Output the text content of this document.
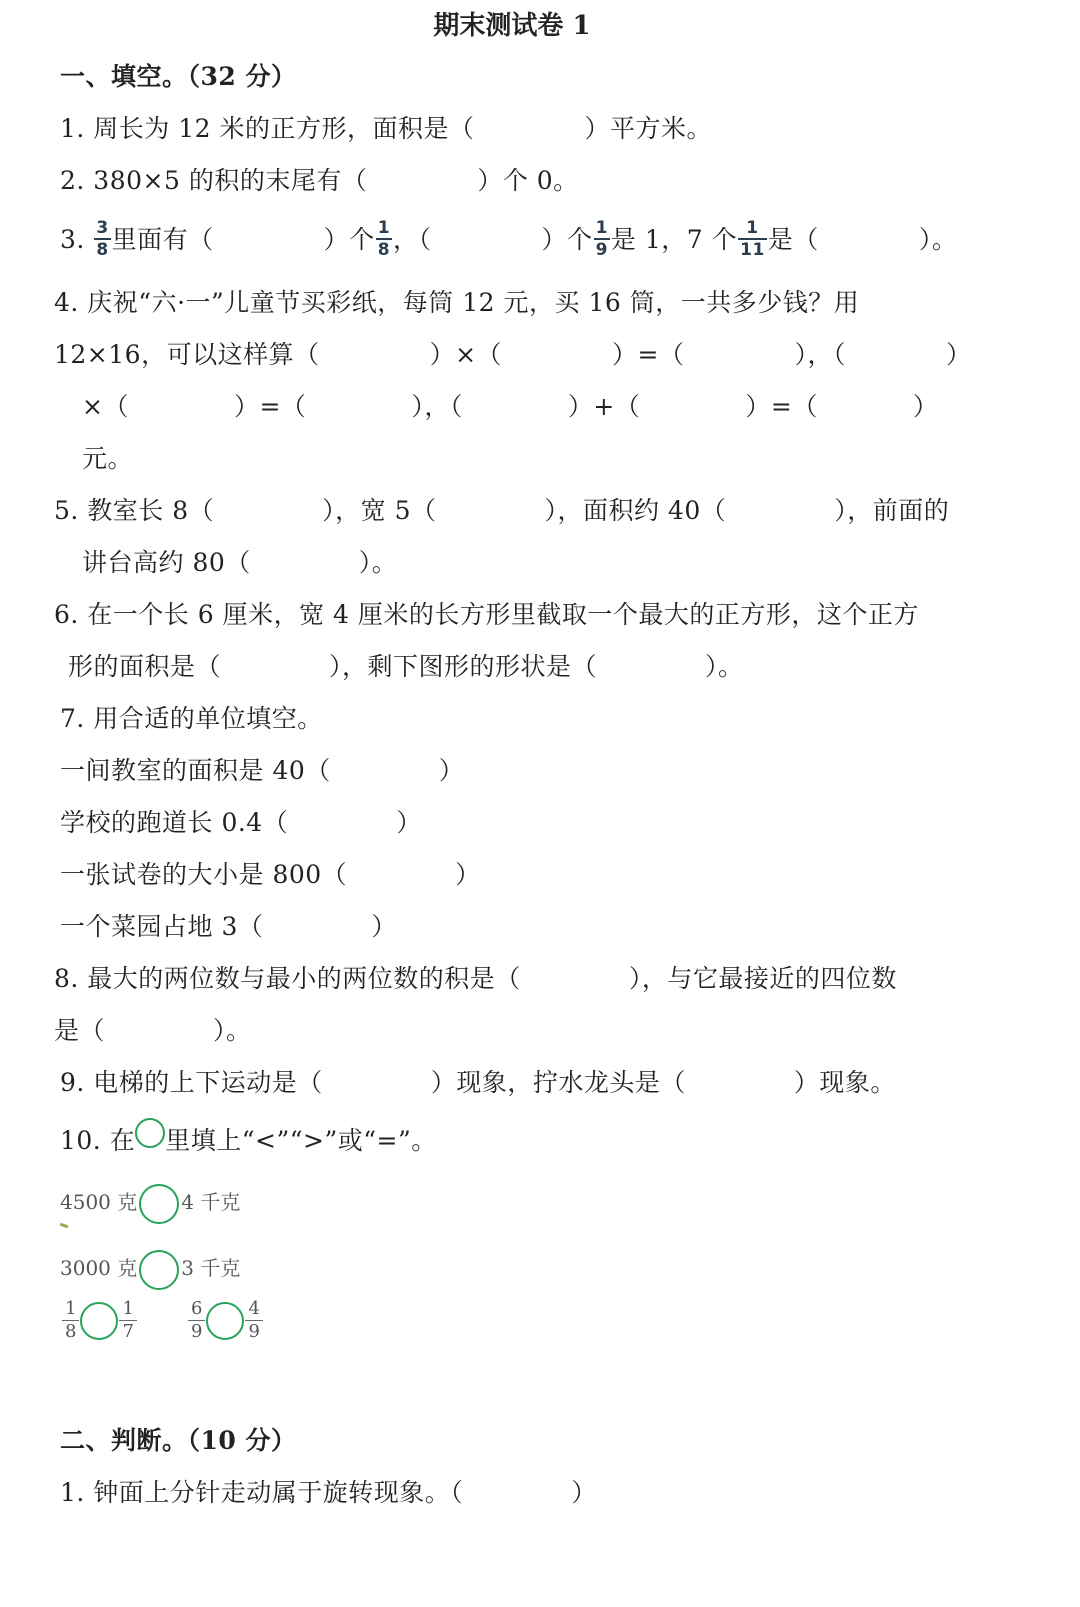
期末测试卷 1
一、填空。（32 分）
1. 周长为 12 米的正方形，面积是（	）平方米。
2. 380×5 的积的末尾有（	）个 0。
3. $\frac{3}{8}$ 里面有（	）个 $\frac{1}{8}$ ，（	）个 $\frac{1}{9}$ 是 1，7 个 $\frac{1}{11}$ 是（	）。
4. 庆祝“六·一”儿童节买彩纸，每筒 12 元，买 16 筒，一共多少钱？用
12×16，可以这样算（	）×（	）=（	），（	）
×（	）=（	），（	）+（	）=（	）
元。
5. 教室长 8（	），宽 5（	），面积约 40（	），前面的
讲台高约 80（	）。
6. 在一个长 6 厘米，宽 4 厘米的长方形里截取一个最大的正方形，这个正方
形的面积是（	），剩下图形的形状是（	）。
7. 用合适的单位填空。
一间教室的面积是 40（	）
学校的跑道长 0.4（	）
一张试卷的大小是 800（	）
一个菜园占地 3（	）
8. 最大的两位数与最小的两位数的积是（	），与它最接近的四位数
是（	）。
9. 电梯的上下运动是（	）现象，拧水龙头是（	）现象。
10. 在 里填上“<”“>”或“=”。
4500 克 4 千克
3000 克 3 千克
$\frac{1}{8} \frac{1}{7}$	$\frac{6}{9} \frac{4}{9}$
二、判断。（10 分）
1. 钟面上分针走动属于旋转现象。（	）
